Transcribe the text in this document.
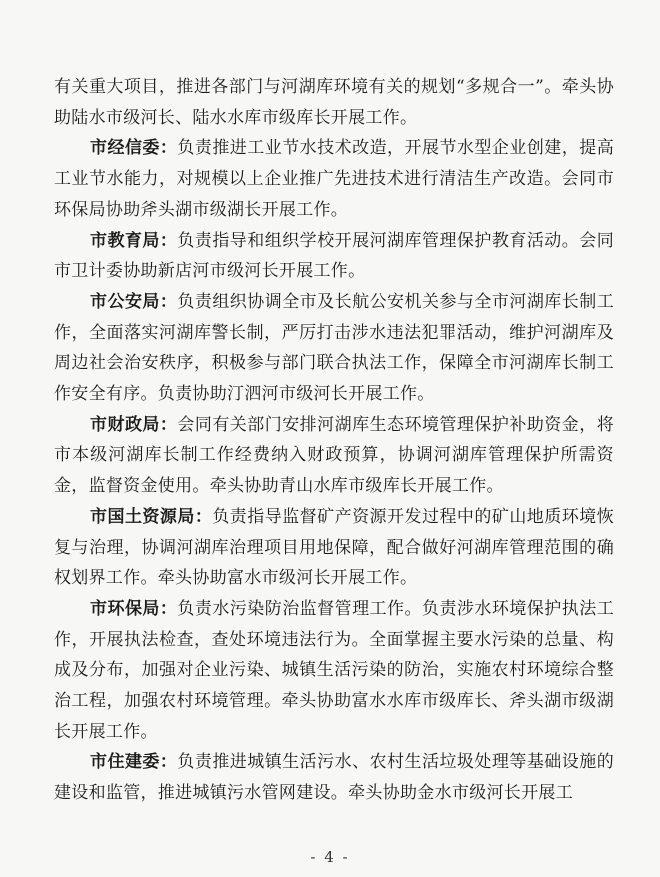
有关重大项目，推进各部门与河湖库环境有关的规划“多规合一”。牵头协助陆水市级河长、陆水水库市级库长开展工作。

市经信委：负责推进工业节水技术改造，开展节水型企业创建，提高工业节水能力，对规模以上企业推广先进技术进行清洁生产改造。会同市环保局协助斧头湖市级湖长开展工作。

市教育局：负责指导和组织学校开展河湖库管理保护教育活动。会同市卫计委协助新店河市级河长开展工作。

市公安局：负责组织协调全市及长航公安机关参与全市河湖库长制工作，全面落实河湖库警长制，严厉打击涉水违法犯罪活动，维护河湖库及周边社会治安秩序，积极参与部门联合执法工作，保障全市河湖库长制工作安全有序。负责协助汀泗河市级河长开展工作。

市财政局：会同有关部门安排河湖库生态环境管理保护补助资金，将市本级河湖库长制工作经费纳入财政预算，协调河湖库管理保护所需资金，监督资金使用。牵头协助青山水库市级库长开展工作。

市国土资源局：负责指导监督矿产资源开发过程中的矿山地质环境恢复与治理，协调河湖库治理项目用地保障，配合做好河湖库管理范围的确权划界工作。牵头协助富水市级河长开展工作。

市环保局：负责水污染防治监督管理工作。负责涉水环境保护执法工作，开展执法检查，查处环境违法行为。全面掌握主要水污染的总量、构成及分布，加强对企业污染、城镇生活污染的防治，实施农村环境综合整治工程，加强农村环境管理。牵头协助富水水库市级库长、斧头湖市级湖长开展工作。

市住建委：负责推进城镇生活污水、农村生活垃圾处理等基础设施的建设和监管，推进城镇污水管网建设。牵头协助金水市级河长开展工

- 4 -
